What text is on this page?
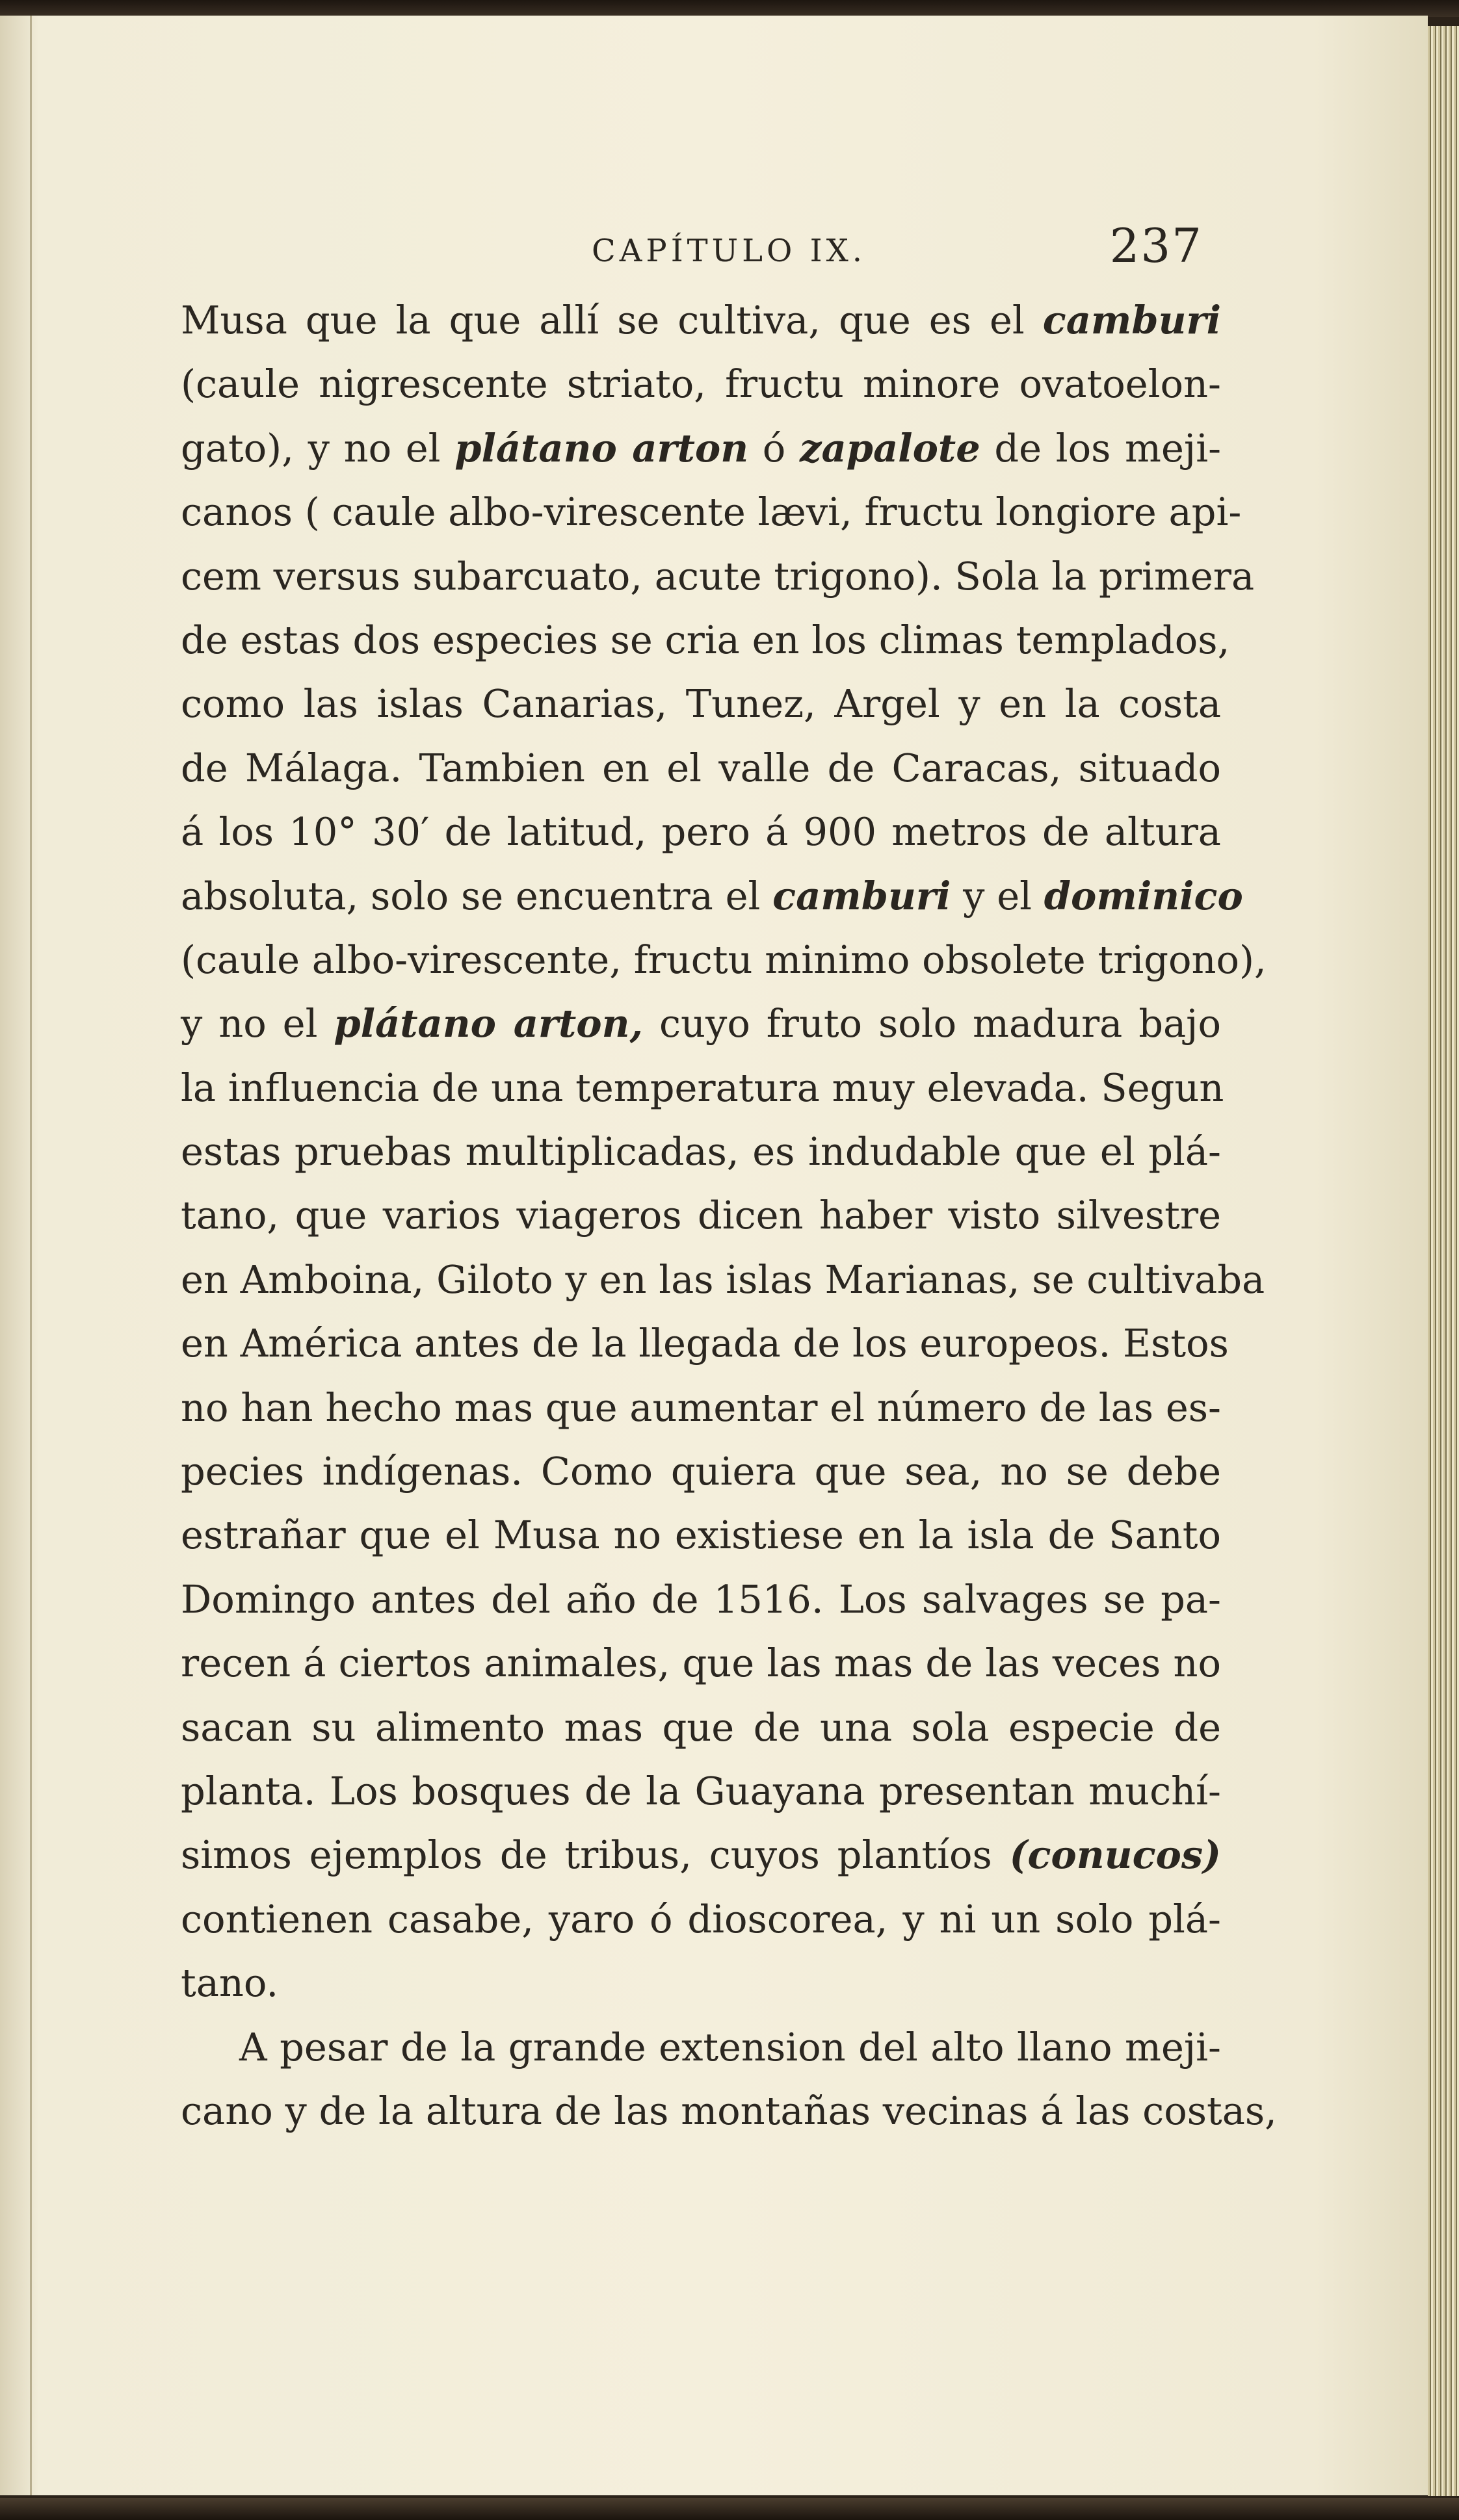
CAPÍTULO IX.	237
Musa que la que allí se cultiva, que es el camburi
(caule nigrescente striato, fructu minore ovatoelon-
gato), y no el plátano arton ó zapalote de los meji-
canos ( caule albo-virescente lævi, fructu longiore api-
cem versus subarcuato, acute trigono). Sola la primera
de estas dos especies se cria en los climas templados,
como las islas Canarias, Tunez, Argel y en la costa
de Málaga. Tambien en el valle de Caracas, situado
á los 10° 30′ de latitud, pero á 900 metros de altura
absoluta, solo se encuentra el camburi y el dominico
(caule albo-virescente, fructu minimo obsolete trigono),
y no el plátano arton, cuyo fruto solo madura bajo
la influencia de una temperatura muy elevada. Segun
estas pruebas multiplicadas, es indudable que el plá-
tano, que varios viageros dicen haber visto silvestre
en Amboina, Giloto y en las islas Marianas, se cultivaba
en América antes de la llegada de los europeos. Estos
no han hecho mas que aumentar el número de las es-
pecies indígenas. Como quiera que sea, no se debe
estrañar que el Musa no existiese en la isla de Santo
Domingo antes del año de 1516. Los salvages se pa-
recen á ciertos animales, que las mas de las veces no
sacan su alimento mas que de una sola especie de
planta. Los bosques de la Guayana presentan muchí-
simos ejemplos de tribus, cuyos plantíos (conucos)
contienen casabe, yaro ó dioscorea, y ni un solo plá-
tano.
A pesar de la grande extension del alto llano meji-
cano y de la altura de las montañas vecinas á las costas,
